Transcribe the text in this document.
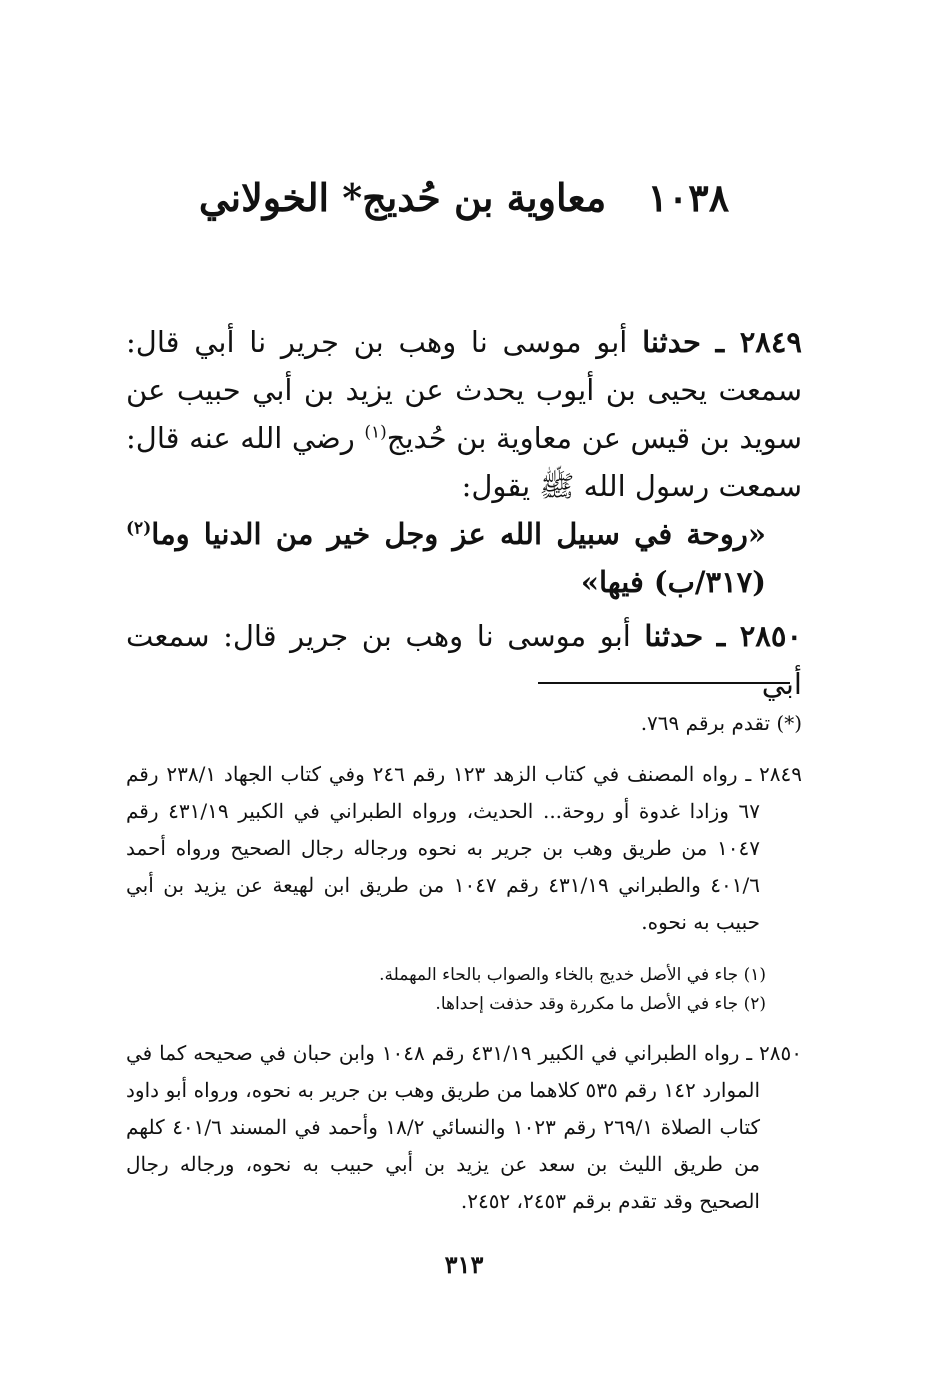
١٠٣٨ معاوية بن حُديج* الخولاني
٢٨٤٩ ـ حدثنا أبو موسى نا وهب بن جرير نا أبي قال: سمعت يحيى بن أيوب يحدث عن يزيد بن أبي حبيب عن سويد بن قيس عن معاوية بن حُديج$^{(١)}$ رضي الله عنه قال: سمعت رسول الله ﷺ يقول:
«روحة في سبيل الله عز وجل خير من الدنيا وما$^{(٢)}$ (٣١٧/ب) فيها»
٢٨٥٠ ـ حدثنا أبو موسى نا وهب بن جرير قال: سمعت أبي
(*) تقدم برقم ٧٦٩.
٢٨٤٩ ـ رواه المصنف في كتاب الزهد ١٢٣ رقم ٢٤٦ وفي كتاب الجهاد ٢٣٨/١ رقم ٦٧ وزادا غدوة أو روحة... الحديث، ورواه الطبراني في الكبير ٤٣١/١٩ رقم ١٠٤٧ من طريق وهب بن جرير به نحوه ورجاله رجال الصحيح ورواه أحمد ٤٠١/٦ والطبراني ٤٣١/١٩ رقم ١٠٤٧ من طريق ابن لهيعة عن يزيد بن أبي حبيب به نحوه.
(١) جاء في الأصل خديج بالخاء والصواب بالحاء المهملة.
(٢) جاء في الأصل ما مكررة وقد حذفت إحداها.
٢٨٥٠ ـ رواه الطبراني في الكبير ٤٣١/١٩ رقم ١٠٤٨ وابن حبان في صحيحه كما في الموارد ١٤٢ رقم ٥٣٥ كلاهما من طريق وهب بن جرير به نحوه، ورواه أبو داود كتاب الصلاة ٢٦٩/١ رقم ١٠٢٣ والنسائي ١٨/٢ وأحمد في المسند ٤٠١/٦ كلهم من طريق الليث بن سعد عن يزيد بن أبي حبيب به نحوه، ورجاله رجال الصحيح وقد تقدم برقم ٢٤٥٣، ٢٤٥٢.
٣١٣
